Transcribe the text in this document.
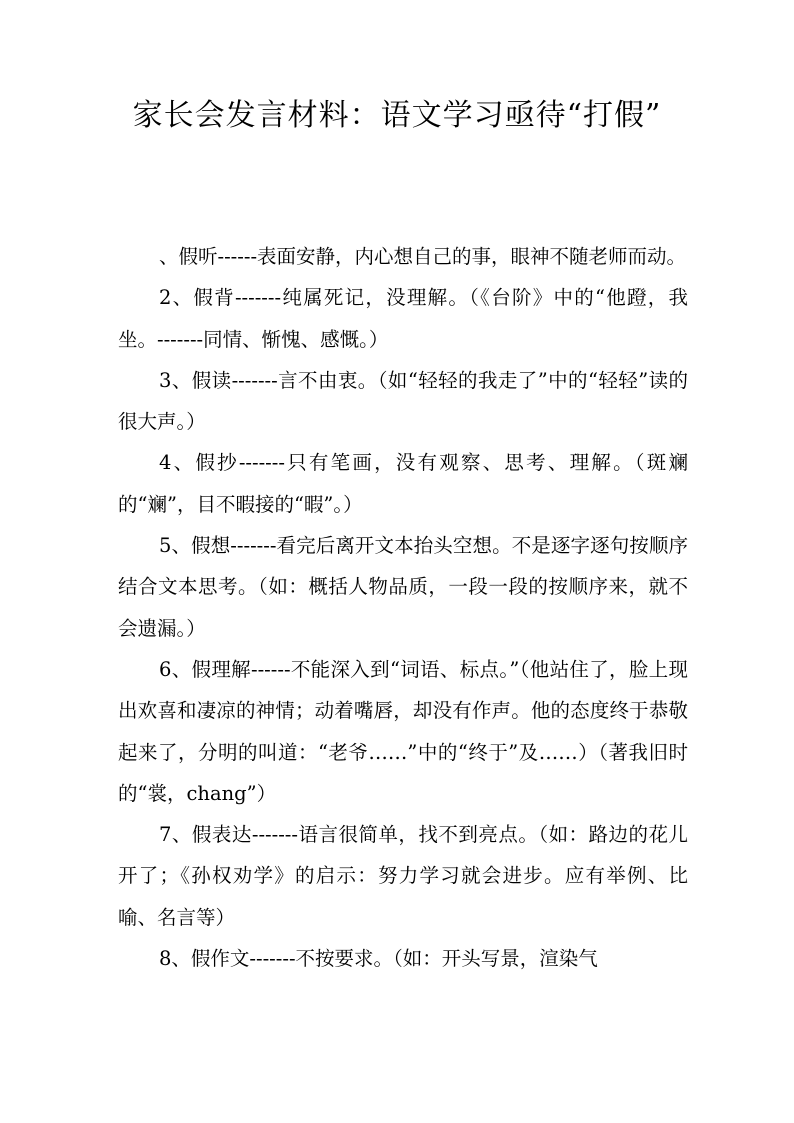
家长会发言材料：语文学习亟待“打假”

、假听------表面安静，内心想自己的事，眼神不随老师而动。

2、假背-------纯属死记，没理解。（《台阶》中的“他蹬，我坐。-------同情、惭愧、感慨。）

3、假读-------言不由衷。（如“轻轻的我走了”中的“轻轻”读的很大声。）

4、假抄-------只有笔画，没有观察、思考、理解。（斑斓的“斓”，目不暇接的“暇”。）

5、假想-------看完后离开文本抬头空想。不是逐字逐句按顺序结合文本思考。（如：概括人物品质，一段一段的按顺序来，就不会遗漏。）

6、假理解------不能深入到“词语、标点。”（他站住了，脸上现出欢喜和凄凉的神情；动着嘴唇，却没有作声。他的态度终于恭敬起来了，分明的叫道：“老爷……”中的“终于”及……）（著我旧时的“裳，chang”）

7、假表达-------语言很简单，找不到亮点。（如：路边的花儿开了；《孙权劝学》的启示：努力学习就会进步。应有举例、比喻、名言等）

8、假作文-------不按要求。（如：开头写景，渲染气
